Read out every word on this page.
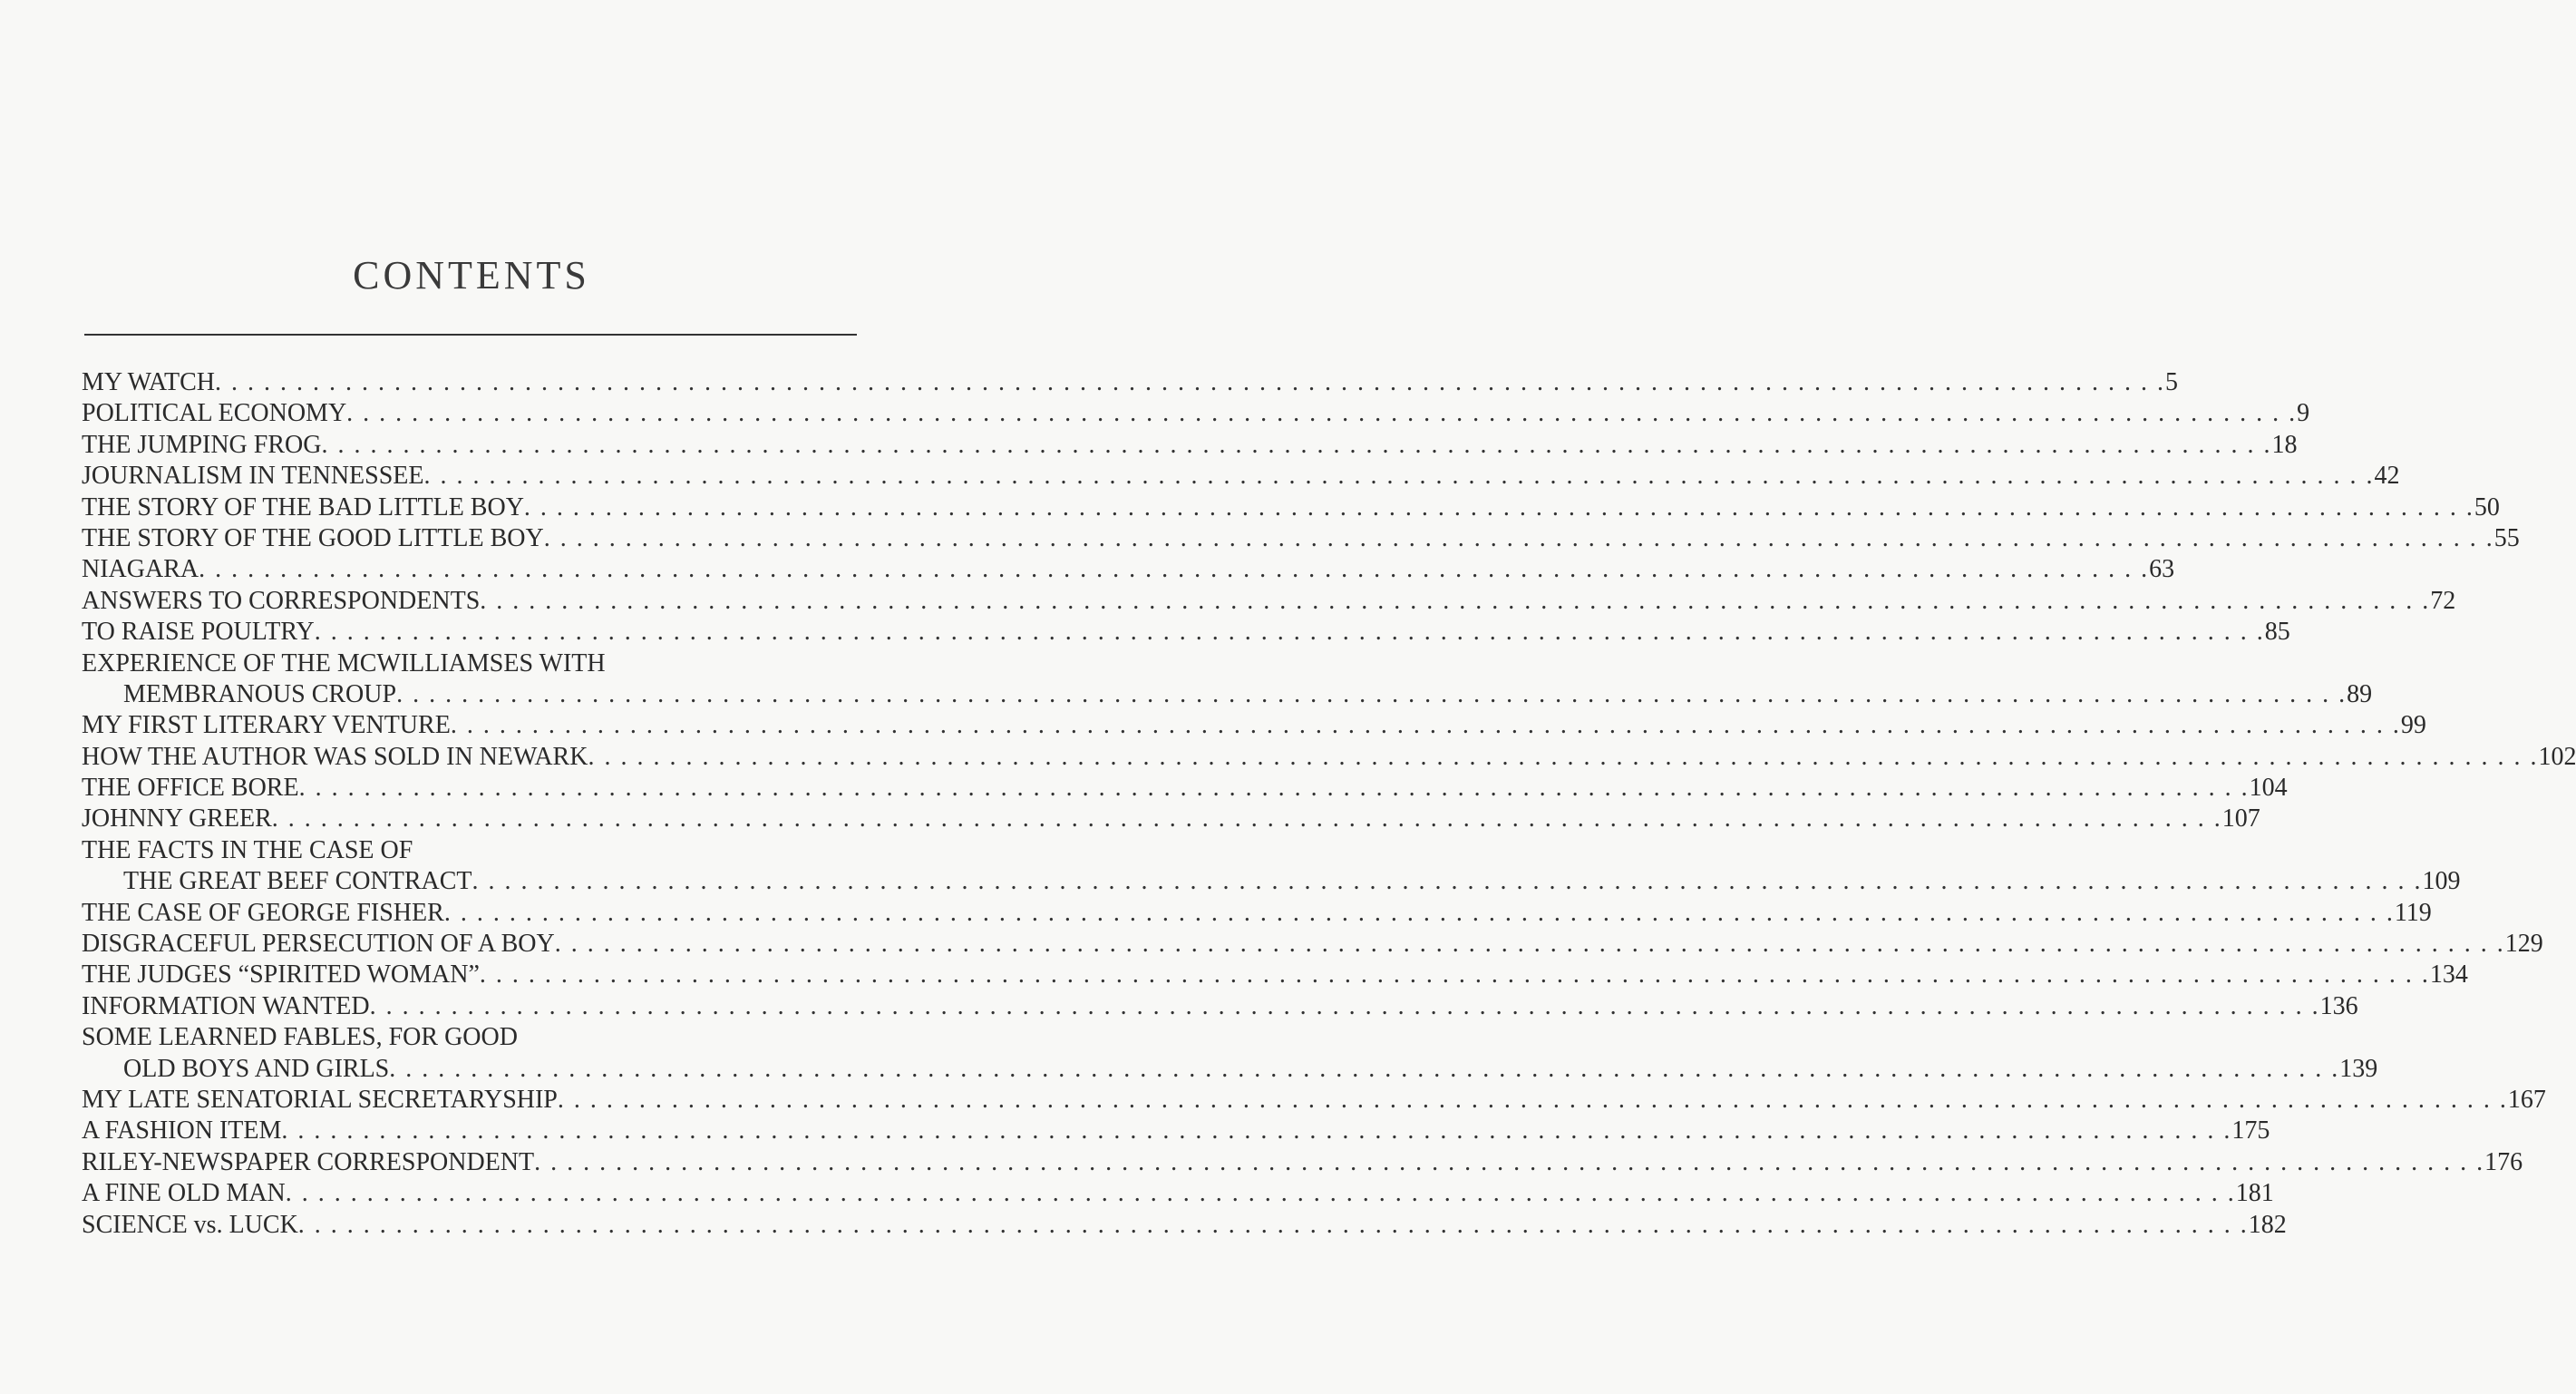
CONTENTS
MY WATCH . . . . . . . . . . . . . . . . . . . . . . . . . . . . . . . . . . . . . . . . . . . . . . . . . . . . . . . . . . . . . . . . . . . . . . . . . . . . . . . . . . . . . . . . . . . . . . . . . . . . . . . . . . . . . . . . . . . . . . . . 5
POLITICAL ECONOMY . . . . . . . . . . . . . . . . . . . . . . . . . . . . . . . . . . . . . . . . . . . . . . . . . . . . . . . . . . . . . . . . . . . . . . . . . . . . . . . . . . . . . . . . . . . . . . . . . . . . . . . . . . . . . . . . . . . . . . . . 9
THE JUMPING FROG . . . . . . . . . . . . . . . . . . . . . . . . . . . . . . . . . . . . . . . . . . . . . . . . . . . . . . . . . . . . . . . . . . . . . . . . . . . . . . . . . . . . . . . . . . . . . . . . . . . . . . . . . . . . . . . . . . . . . . . . 18
JOURNALISM IN TENNESSEE . . . . . . . . . . . . . . . . . . . . . . . . . . . . . . . . . . . . . . . . . . . . . . . . . . . . . . . . . . . . . . . . . . . . . . . . . . . . . . . . . . . . . . . . . . . . . . . . . . . . . . . . . . . . . . . . . . . . . . . . 42
THE STORY OF THE BAD LITTLE BOY . . . . . . . . . . . . . . . . . . . . . . . . . . . . . . . . . . . . . . . . . . . . . . . . . . . . . . . . . . . . . . . . . . . . . . . . . . . . . . . . . . . . . . . . . . . . . . . . . . . . . . . . . . . . . . . . . . . . . . . . 50
THE STORY OF THE GOOD LITTLE BOY . . . . . . . . . . . . . . . . . . . . . . . . . . . . . . . . . . . . . . . . . . . . . . . . . . . . . . . . . . . . . . . . . . . . . . . . . . . . . . . . . . . . . . . . . . . . . . . . . . . . . . . . . . . . . . . . . . . . . . . . 55
NIAGARA . . . . . . . . . . . . . . . . . . . . . . . . . . . . . . . . . . . . . . . . . . . . . . . . . . . . . . . . . . . . . . . . . . . . . . . . . . . . . . . . . . . . . . . . . . . . . . . . . . . . . . . . . . . . . . . . . . . . . . . . 63
ANSWERS TO CORRESPONDENTS . . . . . . . . . . . . . . . . . . . . . . . . . . . . . . . . . . . . . . . . . . . . . . . . . . . . . . . . . . . . . . . . . . . . . . . . . . . . . . . . . . . . . . . . . . . . . . . . . . . . . . . . . . . . . . . . . . . . . . . . 72
TO RAISE POULTRY . . . . . . . . . . . . . . . . . . . . . . . . . . . . . . . . . . . . . . . . . . . . . . . . . . . . . . . . . . . . . . . . . . . . . . . . . . . . . . . . . . . . . . . . . . . . . . . . . . . . . . . . . . . . . . . . . . . . . . . . 85
EXPERIENCE OF THE MCWILLIAMSES WITH
MEMBRANOUS CROUP . . . . . . . . . . . . . . . . . . . . . . . . . . . . . . . . . . . . . . . . . . . . . . . . . . . . . . . . . . . . . . . . . . . . . . . . . . . . . . . . . . . . . . . . . . . . . . . . . . . . . . . . . . . . . . . . . . . . . . . . 89
MY FIRST LITERARY VENTURE . . . . . . . . . . . . . . . . . . . . . . . . . . . . . . . . . . . . . . . . . . . . . . . . . . . . . . . . . . . . . . . . . . . . . . . . . . . . . . . . . . . . . . . . . . . . . . . . . . . . . . . . . . . . . . . . . . . . . . . . 99
HOW THE AUTHOR WAS SOLD IN NEWARK . . . . . . . . . . . . . . . . . . . . . . . . . . . . . . . . . . . . . . . . . . . . . . . . . . . . . . . . . . . . . . . . . . . . . . . . . . . . . . . . . . . . . . . . . . . . . . . . . . . . . . . . . . . . . . . . . . . . . . . . 102
THE OFFICE BORE . . . . . . . . . . . . . . . . . . . . . . . . . . . . . . . . . . . . . . . . . . . . . . . . . . . . . . . . . . . . . . . . . . . . . . . . . . . . . . . . . . . . . . . . . . . . . . . . . . . . . . . . . . . . . . . . . . . . . . . . 104
JOHNNY GREER . . . . . . . . . . . . . . . . . . . . . . . . . . . . . . . . . . . . . . . . . . . . . . . . . . . . . . . . . . . . . . . . . . . . . . . . . . . . . . . . . . . . . . . . . . . . . . . . . . . . . . . . . . . . . . . . . . . . . . . . 107
THE FACTS IN THE CASE OF
THE GREAT BEEF CONTRACT . . . . . . . . . . . . . . . . . . . . . . . . . . . . . . . . . . . . . . . . . . . . . . . . . . . . . . . . . . . . . . . . . . . . . . . . . . . . . . . . . . . . . . . . . . . . . . . . . . . . . . . . . . . . . . . . . . . . . . . . 109
THE CASE OF GEORGE FISHER . . . . . . . . . . . . . . . . . . . . . . . . . . . . . . . . . . . . . . . . . . . . . . . . . . . . . . . . . . . . . . . . . . . . . . . . . . . . . . . . . . . . . . . . . . . . . . . . . . . . . . . . . . . . . . . . . . . . . . . . 119
DISGRACEFUL PERSECUTION OF A BOY . . . . . . . . . . . . . . . . . . . . . . . . . . . . . . . . . . . . . . . . . . . . . . . . . . . . . . . . . . . . . . . . . . . . . . . . . . . . . . . . . . . . . . . . . . . . . . . . . . . . . . . . . . . . . . . . . . . . . . . . 129
THE JUDGES “SPIRITED WOMAN” . . . . . . . . . . . . . . . . . . . . . . . . . . . . . . . . . . . . . . . . . . . . . . . . . . . . . . . . . . . . . . . . . . . . . . . . . . . . . . . . . . . . . . . . . . . . . . . . . . . . . . . . . . . . . . . . . . . . . . . . 134
INFORMATION WANTED . . . . . . . . . . . . . . . . . . . . . . . . . . . . . . . . . . . . . . . . . . . . . . . . . . . . . . . . . . . . . . . . . . . . . . . . . . . . . . . . . . . . . . . . . . . . . . . . . . . . . . . . . . . . . . . . . . . . . . . . 136
SOME LEARNED FABLES, FOR GOOD
OLD BOYS AND GIRLS . . . . . . . . . . . . . . . . . . . . . . . . . . . . . . . . . . . . . . . . . . . . . . . . . . . . . . . . . . . . . . . . . . . . . . . . . . . . . . . . . . . . . . . . . . . . . . . . . . . . . . . . . . . . . . . . . . . . . . . . 139
MY LATE SENATORIAL SECRETARYSHIP . . . . . . . . . . . . . . . . . . . . . . . . . . . . . . . . . . . . . . . . . . . . . . . . . . . . . . . . . . . . . . . . . . . . . . . . . . . . . . . . . . . . . . . . . . . . . . . . . . . . . . . . . . . . . . . . . . . . . . . . 167
A FASHION ITEM . . . . . . . . . . . . . . . . . . . . . . . . . . . . . . . . . . . . . . . . . . . . . . . . . . . . . . . . . . . . . . . . . . . . . . . . . . . . . . . . . . . . . . . . . . . . . . . . . . . . . . . . . . . . . . . . . . . . . . . . 175
RILEY-NEWSPAPER CORRESPONDENT . . . . . . . . . . . . . . . . . . . . . . . . . . . . . . . . . . . . . . . . . . . . . . . . . . . . . . . . . . . . . . . . . . . . . . . . . . . . . . . . . . . . . . . . . . . . . . . . . . . . . . . . . . . . . . . . . . . . . . . . 176
A FINE OLD MAN . . . . . . . . . . . . . . . . . . . . . . . . . . . . . . . . . . . . . . . . . . . . . . . . . . . . . . . . . . . . . . . . . . . . . . . . . . . . . . . . . . . . . . . . . . . . . . . . . . . . . . . . . . . . . . . . . . . . . . . . 181
SCIENCE vs. LUCK . . . . . . . . . . . . . . . . . . . . . . . . . . . . . . . . . . . . . . . . . . . . . . . . . . . . . . . . . . . . . . . . . . . . . . . . . . . . . . . . . . . . . . . . . . . . . . . . . . . . . . . . . . . . . . . . . . . . . . . . 182
